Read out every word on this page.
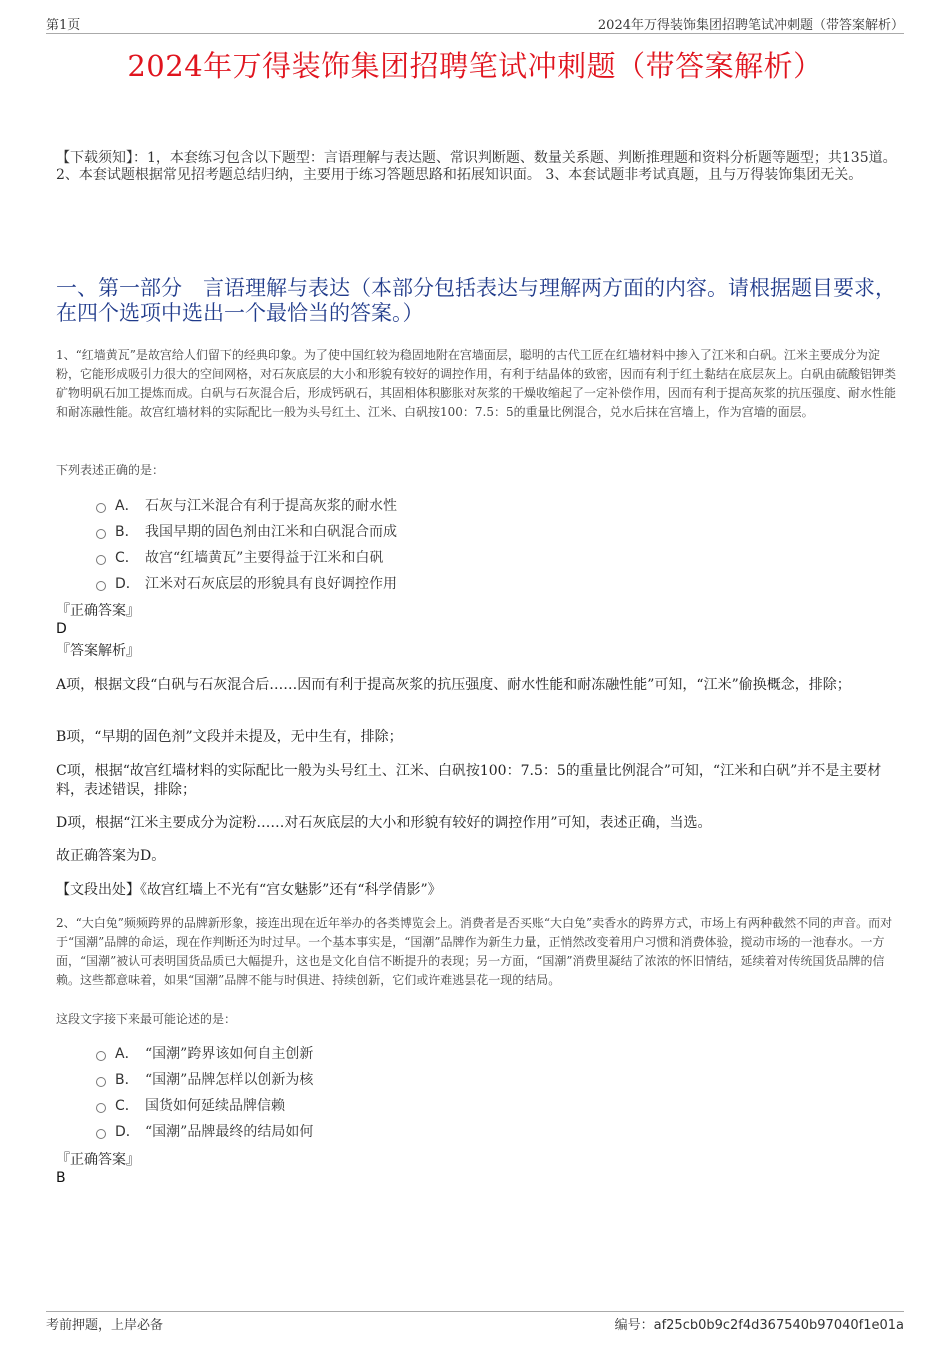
第1页	2024年万得装饰集团招聘笔试冲刺题（带答案解析）
2024年万得装饰集团招聘笔试冲刺题（带答案解析）
【下载须知】：1，本套练习包含以下题型：言语理解与表达题、常识判断题、数量关系题、判断推理题和资料分析题等题型；共135道。 2、本套试题根据常见招考题总结归纳，主要用于练习答题思路和拓展知识面。 3、本套试题非考试真题，且与万得装饰集团无关。
一、第一部分　言语理解与表达（本部分包括表达与理解两方面的内容。请根据题目要求，在四个选项中选出一个最恰当的答案。）
1、“红墙黄瓦”是故宫给人们留下的经典印象。为了使中国红较为稳固地附在宫墙面层，聪明的古代工匠在红墙材料中掺入了江米和白矾。江米主要成分为淀粉，它能形成吸引力很大的空间网格，对石灰底层的大小和形貌有较好的调控作用，有利于结晶体的致密，因而有利于红土黏结在底层灰上。白矾由硫酸铝钾类矿物明矾石加工提炼而成。白矾与石灰混合后，形成钙矾石，其固相体积膨胀对灰浆的干燥收缩起了一定补偿作用，因而有利于提高灰浆的抗压强度、耐水性能和耐冻融性能。故宫红墙材料的实际配比一般为头号红土、江米、白矾按100：7.5：5的重量比例混合，兑水后抹在宫墙上，作为宫墙的面层。
下列表述正确的是：
A． 石灰与江米混合有利于提高灰浆的耐水性
B． 我国早期的固色剂由江米和白矾混合而成
C． 故宫“红墙黄瓦”主要得益于江米和白矾
D． 江米对石灰底层的形貌具有良好调控作用
『正确答案』
D
『答案解析』
A项，根据文段“白矾与石灰混合后……因而有利于提高灰浆的抗压强度、耐水性能和耐冻融性能”可知，“江米”偷换概念，排除；
B项，“早期的固色剂”文段并未提及，无中生有，排除；
C项，根据“故宫红墙材料的实际配比一般为头号红土、江米、白矾按100：7.5：5的重量比例混合”可知，“江米和白矾”并不是主要材料，表述错误，排除；
D项，根据“江米主要成分为淀粉……对石灰底层的大小和形貌有较好的调控作用”可知，表述正确，当选。
故正确答案为D。
【文段出处】《故宫红墙上不光有“宫女魅影”还有“科学倩影”》
2、“大白兔”频频跨界的品牌新形象，接连出现在近年举办的各类博览会上。消费者是否买账“大白兔”卖香水的跨界方式，市场上有两种截然不同的声音。而对于“国潮”品牌的命运，现在作判断还为时过早。一个基本事实是，“国潮”品牌作为新生力量，正悄然改变着用户习惯和消费体验，搅动市场的一池春水。一方面，“国潮”被认可表明国货品质已大幅提升，这也是文化自信不断提升的表现；另一方面，“国潮”消费里凝结了浓浓的怀旧情结，延续着对传统国货品牌的信赖。这些都意味着，如果“国潮”品牌不能与时俱进、持续创新，它们或许难逃昙花一现的结局。
这段文字接下来最可能论述的是：
A． “国潮”跨界该如何自主创新
B． “国潮”品牌怎样以创新为核
C． 国货如何延续品牌信赖
D． “国潮”品牌最终的结局如何
『正确答案』
B
考前押题，上岸必备	编号：af25cb0b9c2f4d367540b97040f1e01a
